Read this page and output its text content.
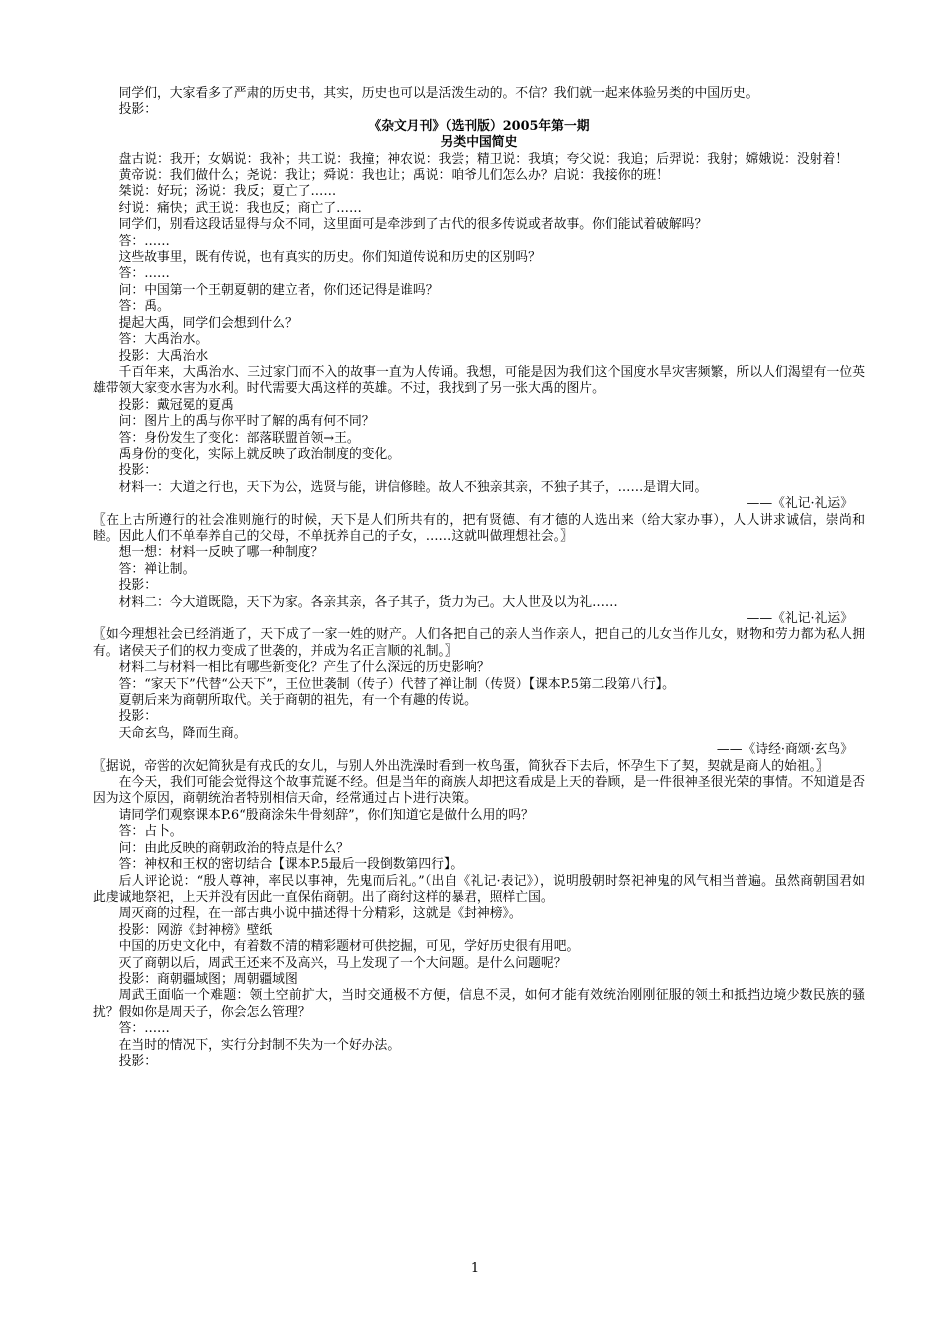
同学们，大家看多了严肃的历史书，其实，历史也可以是活泼生动的。不信？我们就一起来体验另类的中国历史。

投影：

《杂文月刊》（选刊版）2005年第一期

另类中国简史

盘古说：我开；女娲说：我补；共工说：我撞；神农说：我尝；精卫说：我填；夸父说：我追；后羿说：我射；嫦娥说：没射着！

黄帝说：我们做什么；尧说：我让；舜说：我也让；禹说：咱爷儿们怎么办？启说：我接你的班！

桀说：好玩；汤说：我反；夏亡了……

纣说：痛快；武王说：我也反；商亡了……

同学们，别看这段话显得与众不同，这里面可是牵涉到了古代的很多传说或者故事。你们能试着破解吗？

答：……

这些故事里，既有传说，也有真实的历史。你们知道传说和历史的区别吗？

答：……

问：中国第一个王朝夏朝的建立者，你们还记得是谁吗？

答：禹。

提起大禹，同学们会想到什么？

答：大禹治水。

投影：大禹治水

千百年来，大禹治水、三过家门而不入的故事一直为人传诵。我想，可能是因为我们这个国度水旱灾害频繁，所以人们渴望有一位英雄带领大家变水害为水利。时代需要大禹这样的英雄。不过，我找到了另一张大禹的图片。

投影：戴冠冕的夏禹

问：图片上的禹与你平时了解的禹有何不同？

答：身份发生了变化：部落联盟首领→王。

禹身份的变化，实际上就反映了政治制度的变化。

投影：

材料一：大道之行也，天下为公，选贤与能，讲信修睦。故人不独亲其亲，不独子其子，……是谓大同。

——《礼记·礼运》

〖在上古所遵行的社会准则施行的时候，天下是人们所共有的，把有贤德、有才德的人选出来（给大家办事），人人讲求诚信，崇尚和睦。因此人们不单奉养自己的父母，不单抚养自己的子女，……这就叫做理想社会。〗

想一想：材料一反映了哪一种制度？

答：禅让制。

投影：

材料二：今大道既隐，天下为家。各亲其亲，各子其子，货力为己。大人世及以为礼……

——《礼记·礼运》

〖如今理想社会已经消逝了，天下成了一家一姓的财产。人们各把自己的亲人当作亲人，把自己的儿女当作儿女，财物和劳力都为私人拥有。诸侯天子们的权力变成了世袭的，并成为名正言顺的礼制。〗

材料二与材料一相比有哪些新变化？产生了什么深远的历史影响？

答：“家天下”代替“公天下”，王位世袭制（传子）代替了禅让制（传贤）【课本P.5第二段第八行】。

夏朝后来为商朝所取代。关于商朝的祖先，有一个有趣的传说。

投影：

天命玄鸟，降而生商。

——《诗经·商颂·玄鸟》

〖据说，帝喾的次妃简狄是有戎氏的女儿，与别人外出洗澡时看到一枚鸟蛋，简狄吞下去后，怀孕生下了契，契就是商人的始祖。〗

在今天，我们可能会觉得这个故事荒诞不经。但是当年的商族人却把这看成是上天的眷顾，是一件很神圣很光荣的事情。不知道是否因为这个原因，商朝统治者特别相信天命，经常通过占卜进行决策。

请同学们观察课本P.6“殷商涂朱牛骨刻辞”，你们知道它是做什么用的吗？

答：占卜。

问：由此反映的商朝政治的特点是什么？

答：神权和王权的密切结合【课本P.5最后一段倒数第四行】。

后人评论说：“殷人尊神，率民以事神，先鬼而后礼。”（出自《礼记·表记》），说明殷朝时祭祀神鬼的风气相当普遍。虽然商朝国君如此虔诚地祭祀，上天并没有因此一直保佑商朝。出了商纣这样的暴君，照样亡国。

周灭商的过程，在一部古典小说中描述得十分精彩，这就是《封神榜》。

投影：网游《封神榜》壁纸

中国的历史文化中，有着数不清的精彩题材可供挖掘，可见，学好历史很有用吧。

灭了商朝以后，周武王还来不及高兴，马上发现了一个大问题。是什么问题呢？

投影：商朝疆域图；周朝疆域图

周武王面临一个难题：领土空前扩大，当时交通极不方便，信息不灵，如何才能有效统治刚刚征服的领土和抵挡边境少数民族的骚扰？假如你是周天子，你会怎么管理？

答：……

在当时的情况下，实行分封制不失为一个好办法。

投影：

1
